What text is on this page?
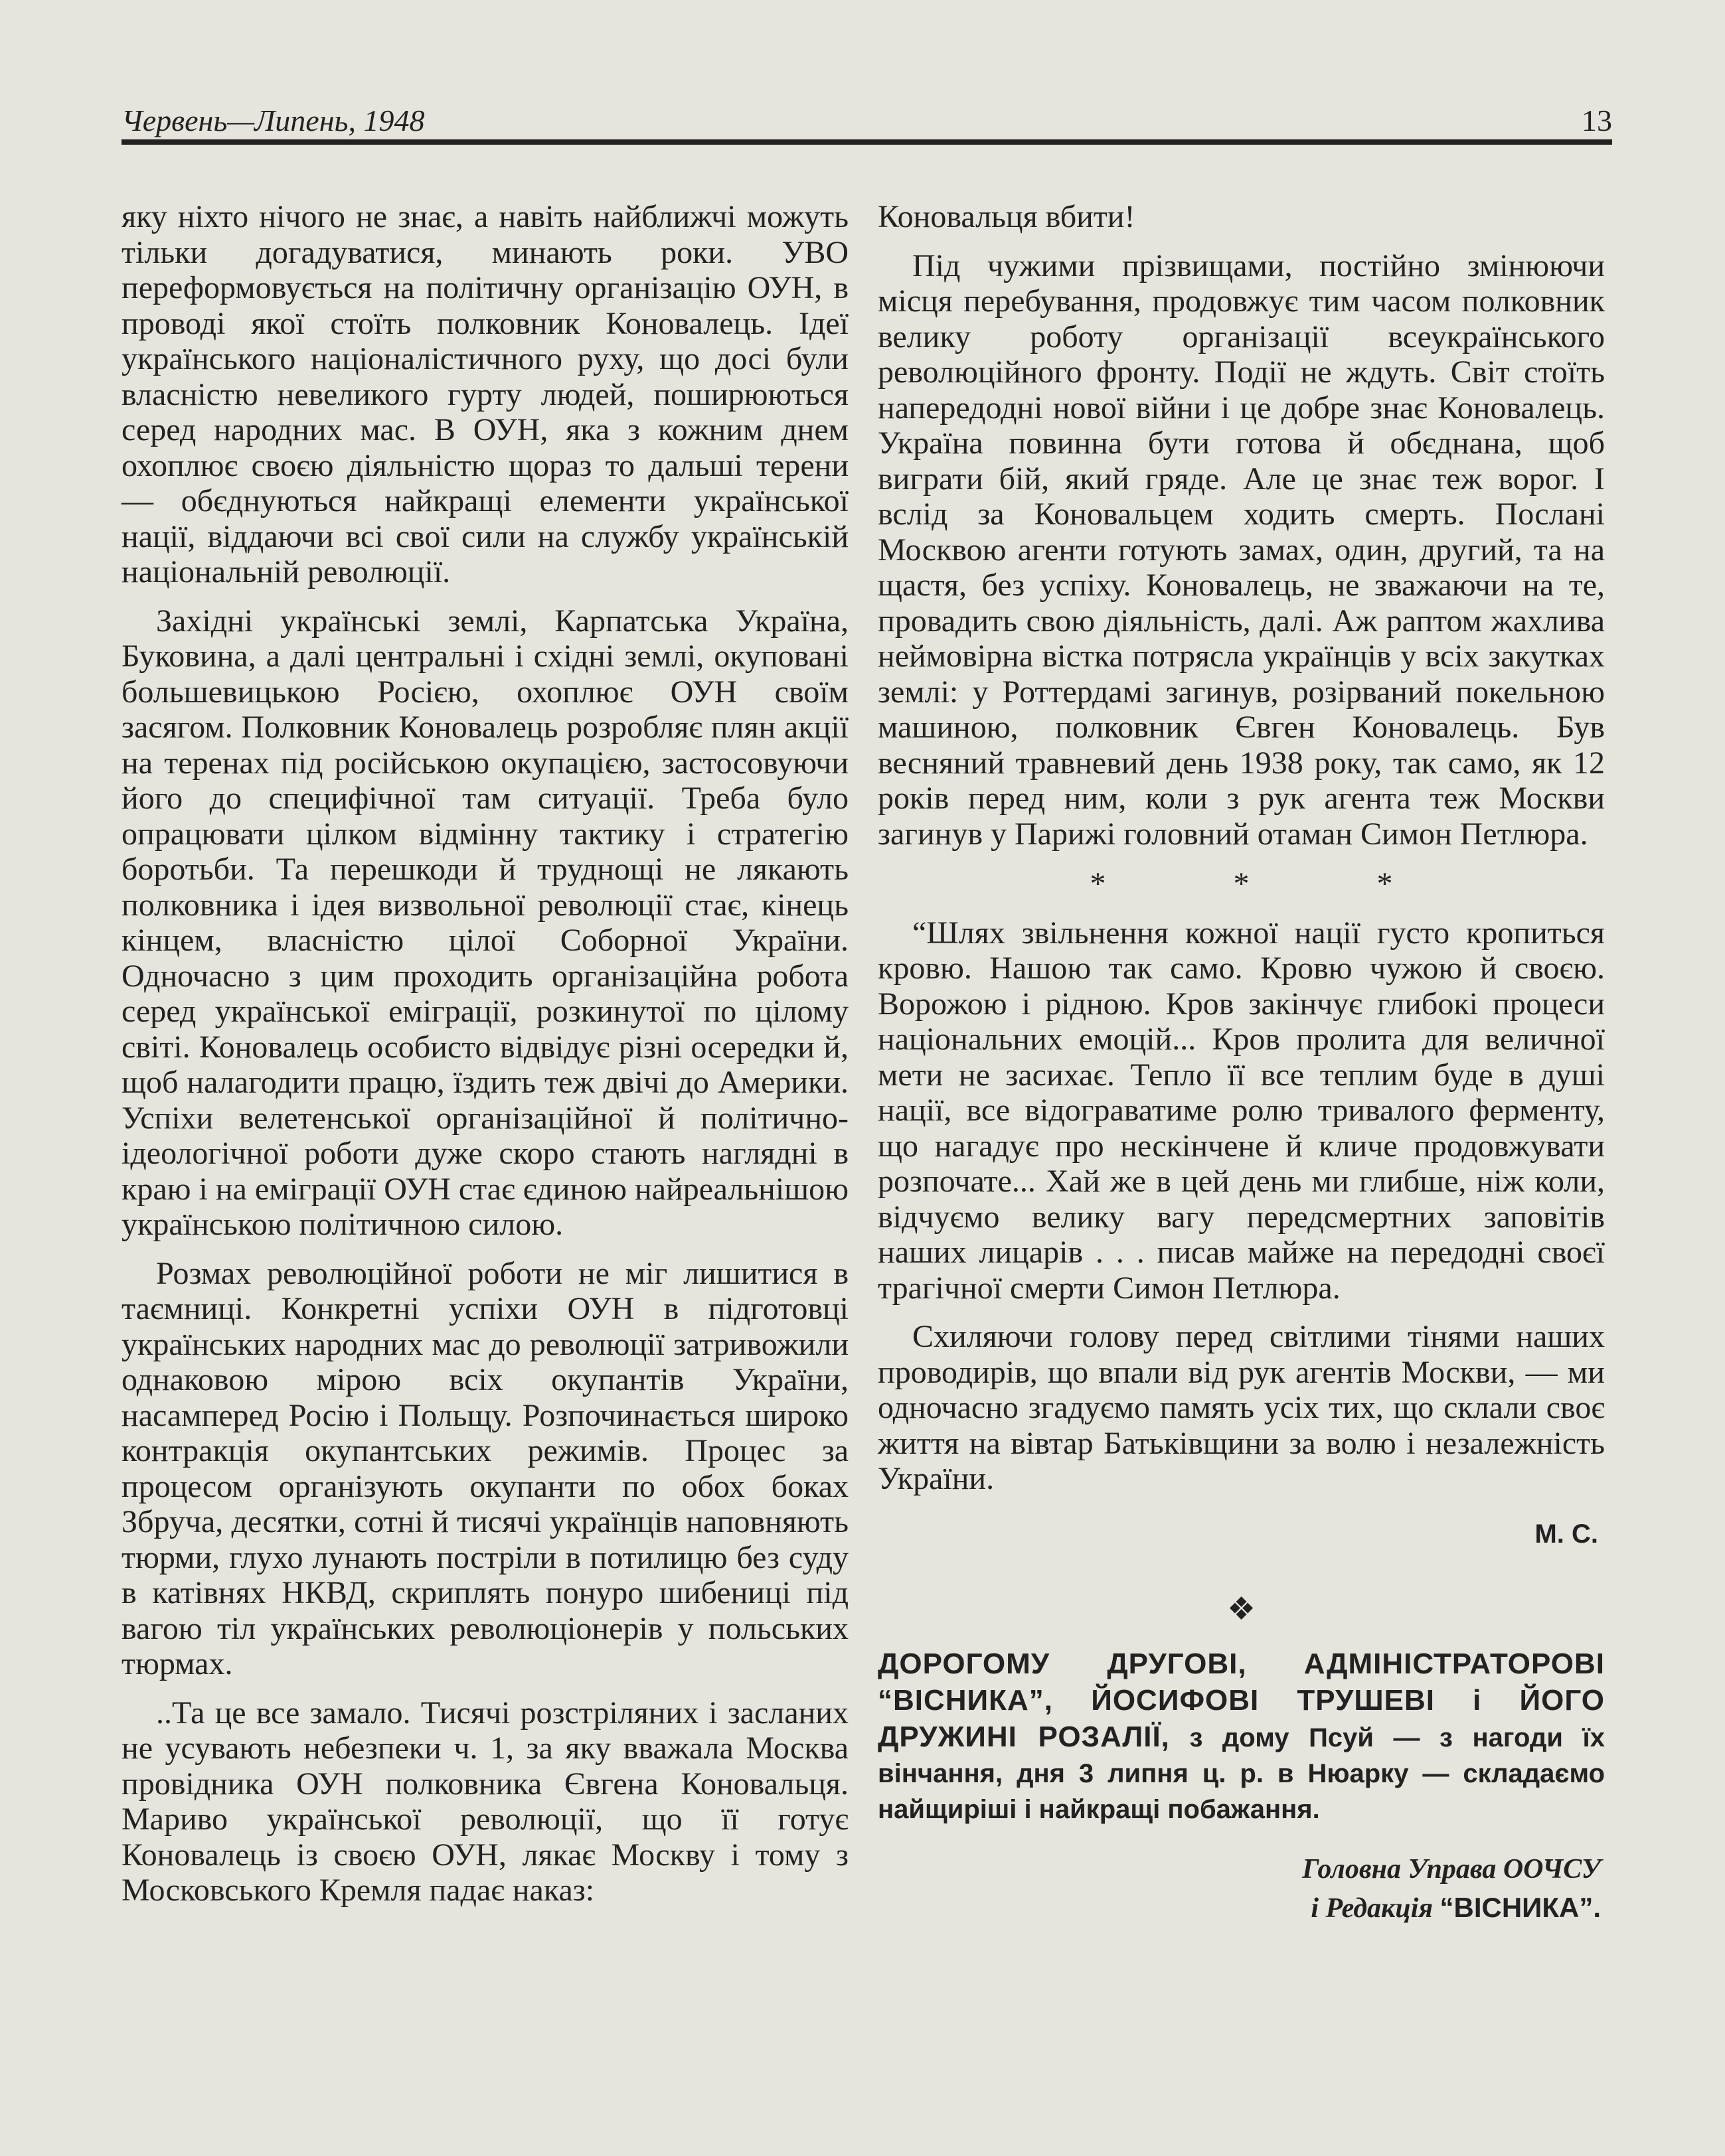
Червень—Липень, 1948	13

яку ніхто нічого не знає, а навіть найближчі можуть тільки догадуватися, минають роки. УВО переформовується на політичну організацію ОУН, в проводі якої стоїть полковник Коновалець. Ідеї українського націоналістичного руху, що досі були власністю невеликого гурту людей, поширюються серед народних мас. В ОУН, яка з кожним днем охоплює своєю діяльністю щораз то дальші терени — обєднуються найкращі елементи української нації, віддаючи всі свої сили на службу українській національній революції.

Західні українські землі, Карпатська Україна, Буковина, а далі центральні і східні землі, окуповані большевицькою Росією, охоплює ОУН своїм засягом. Полковник Коновалець розробляє плян акції на теренах під російською окупацією, застосовуючи його до специфічної там ситуації. Треба було опрацювати цілком відмінну тактику і стратегію боротьби. Та перешкоди й труднощі не лякають полковника і ідея визвольної революції стає, кінець кінцем, власністю цілої Соборної України. Одночасно з цим проходить організаційна робота серед української еміграції, розкинутої по цілому світі. Коновалець особисто відвідує різні осередки й, щоб налагодити працю, їздить теж двічі до Америки. Успіхи велетенської організаційної й політично-ідеологічної роботи дуже скоро стають наглядні в краю і на еміграції ОУН стає єдиною найреальнішою українською політичною силою.

Розмах революційної роботи не міг лишитися в таємниці. Конкретні успіхи ОУН в підготовці українських народних мас до революції затривожили однаковою мірою всіх окупантів України, насамперед Росію і Польщу. Розпочинається широко контракція окупантських режимів. Процес за процесом організують окупанти по обох боках Збруча, десятки, сотні й тисячі українців наповняють тюрми, глухо лунають постріли в потилицю без суду в катівнях НКВД, скриплять понуро шибениці під вагою тіл українських революціонерів у польських тюрмах.

..Та це все замало. Тисячі розстріляних і засланих не усувають небезпеки ч. 1, за яку вважала Москва провідника ОУН полковника Євгена Коновальця. Мариво української революції, що її готує Коновалець із своєю ОУН, лякає Москву і тому з Московського Кремля падає наказ:

Коновальця вбити!

Під чужими прізвищами, постійно змінюючи місця перебування, продовжує тим часом полковник велику роботу організації всеукраїнського революційного фронту. Події не ждуть. Світ стоїть напередодні нової війни і це добре знає Коновалець. Україна повинна бути готова й обєднана, щоб виграти бій, який гряде. Але це знає теж ворог. І вслід за Коновальцем ходить смерть. Послані Москвою агенти готують замах, один, другий, та на щастя, без успіху. Коновалець, не зважаючи на те, провадить свою діяльність, далі. Аж раптом жахлива неймовірна вістка потрясла українців у всіх закутках землі: у Роттердамі загинув, розірваний покельною машиною, полковник Євген Коновалець. Був весняний травневий день 1938 року, так само, як 12 років перед ним, коли з рук агента теж Москви загинув у Парижі головний отаман Симон Петлюра.

* * *

“Шлях звільнення кожної нації густо кропиться кровю. Нашою так само. Кровю чужою й своєю. Ворожою і рідною. Кров закінчує глибокі процеси національних емоцій... Кров пролита для величної мети не засихає. Тепло її все теплим буде в душі нації, все відограватиме ролю тривалого ферменту, що нагадує про нескінчене й кличе продовжувати розпочате... Хай же в цей день ми глибше, ніж коли, відчуємо велику вагу передсмертних заповітів наших лицарів . . . писав майже на передодні своєї трагічної смерти Симон Петлюра.

Схиляючи голову перед світлими тінями наших проводирів, що впали від рук агентів Москви, — ми одночасно згадуємо память усіх тих, що склали своє життя на вівтар Батьківщини за волю і незалежність України.

М. С.
❖
ДОРОГОМУ ДРУГОВІ, АДМІНІСТРАТОРОВІ “ВІСНИКА”, ЙОСИФОВІ ТРУШЕВІ і ЙОГО ДРУЖИНІ РОЗАЛІЇ, з дому Псуй — з нагоди їх вінчання, дня 3 липня ц. р. в Нюарку — складаємо найщиріші і найкращі побажання.
Головна Управа ООЧСУ
і Редакція “ВІСНИКА”.
